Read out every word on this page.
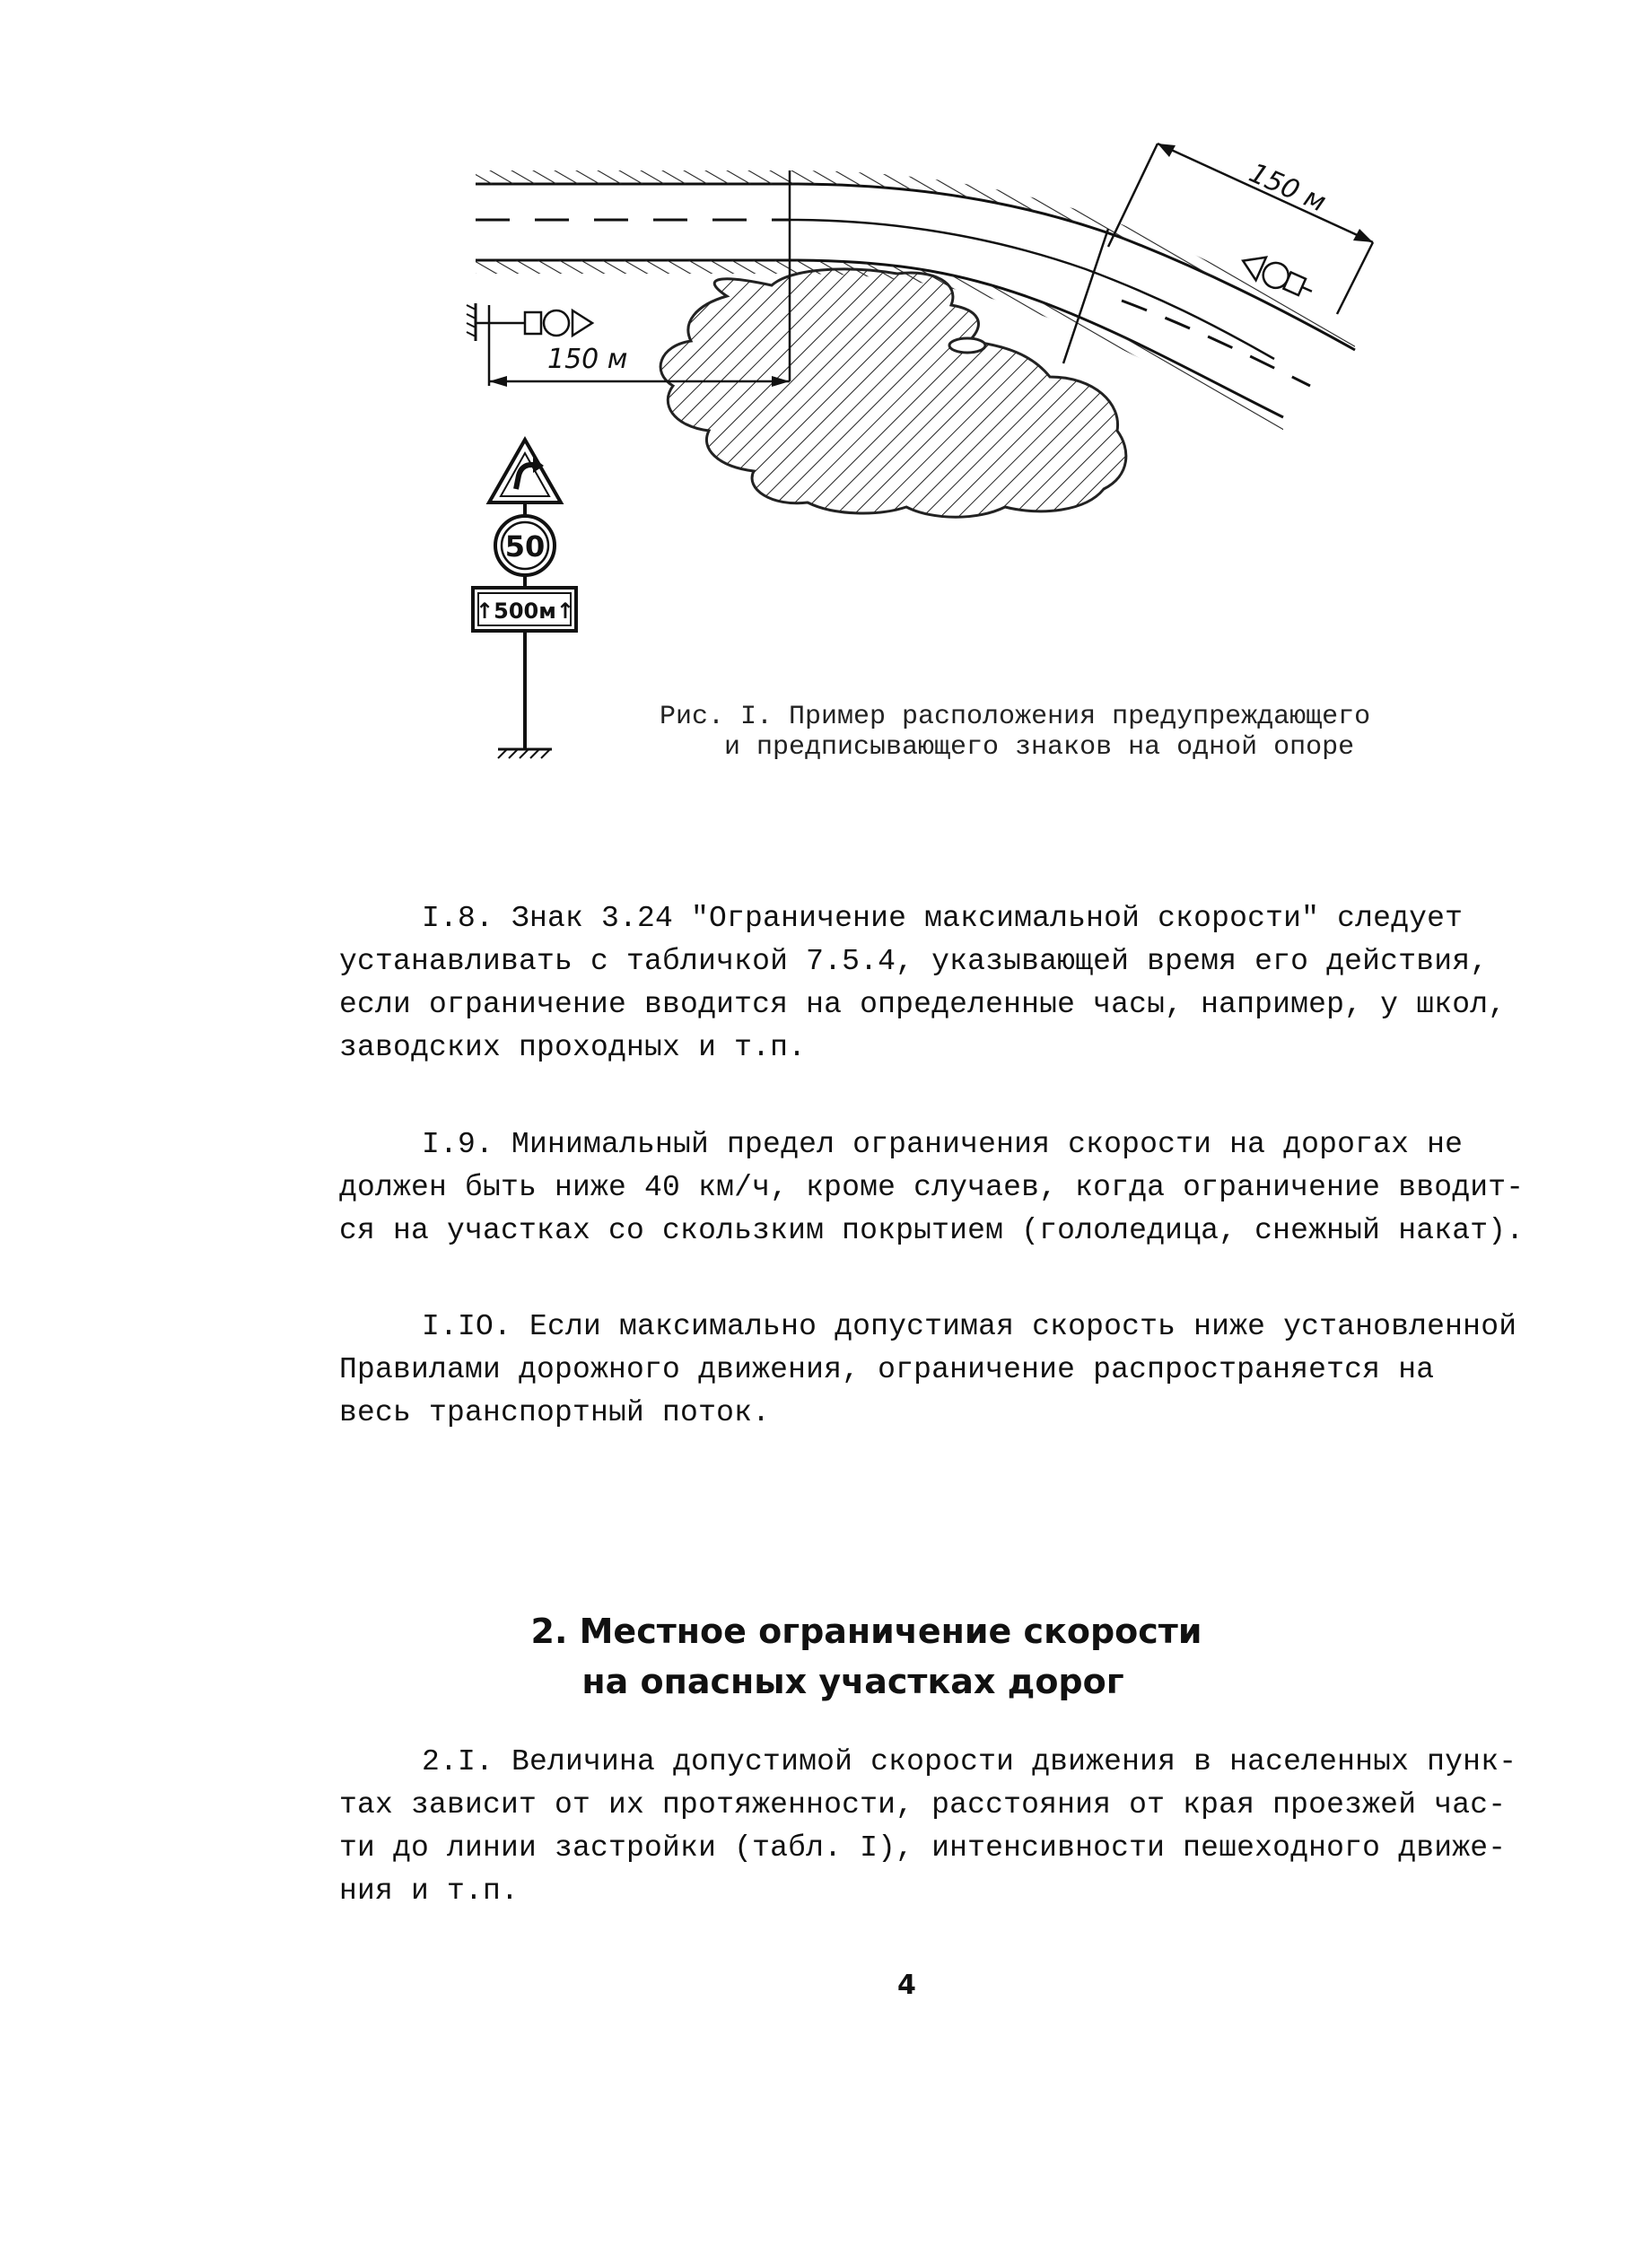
150 м
150 м
50
↑500м↑
Рис. I. Пример расположения предупреждающего
и предписывающего знаков на одной опоре
I.8. Знак 3.24 "Ограничение максимальной скорости" следует
устанавливать с табличкой 7.5.4, указывающей время его действия,
если ограничение вводится на определенные часы, например, у школ,
заводских проходных и т.п.
I.9. Минимальный предел ограничения скорости на дорогах не
должен быть ниже 40 км/ч, кроме случаев, когда ограничение вводит-
ся на участках со скользким покрытием (гололедица, снежный накат).
I.IO. Если максимально допустимая скорость ниже установленной
Правилами дорожного движения, ограничение распространяется на
весь транспортный поток.
2. Местное ограничение скорости
на опасных участках дорог
2.I. Величина допустимой скорости движения в населенных пунк-
тах зависит от их протяженности, расстояния от края проезжей час-
ти до линии застройки (табл. I), интенсивности пешеходного движе-
ния и т.п.
4
